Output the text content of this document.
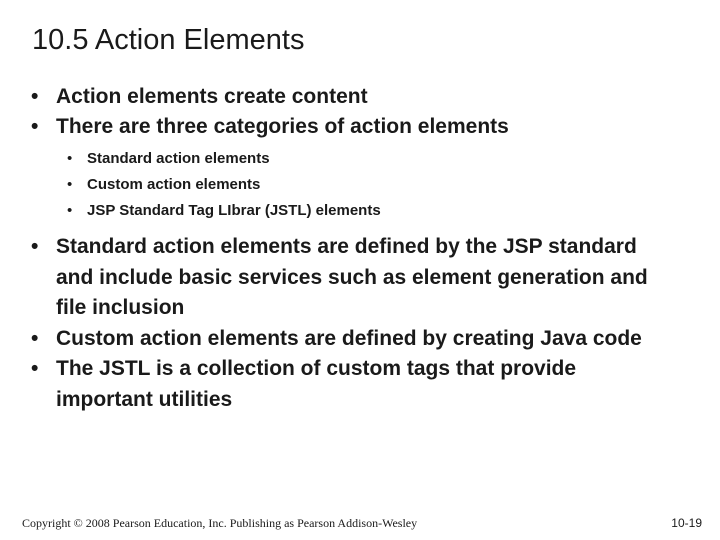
10.5 Action Elements
• Action elements create content
• There are three categories of action elements
• Standard action elements
• Custom action elements
• JSP Standard Tag LIbrar (JSTL) elements
• Standard action elements are defined by the JSP standard and include basic services such as element generation and file inclusion
• Custom action elements are defined by creating Java code
• The JSTL is a collection of custom tags that provide important utilities
Copyright © 2008 Pearson Education, Inc. Publishing as Pearson Addison-Wesley	10-19
